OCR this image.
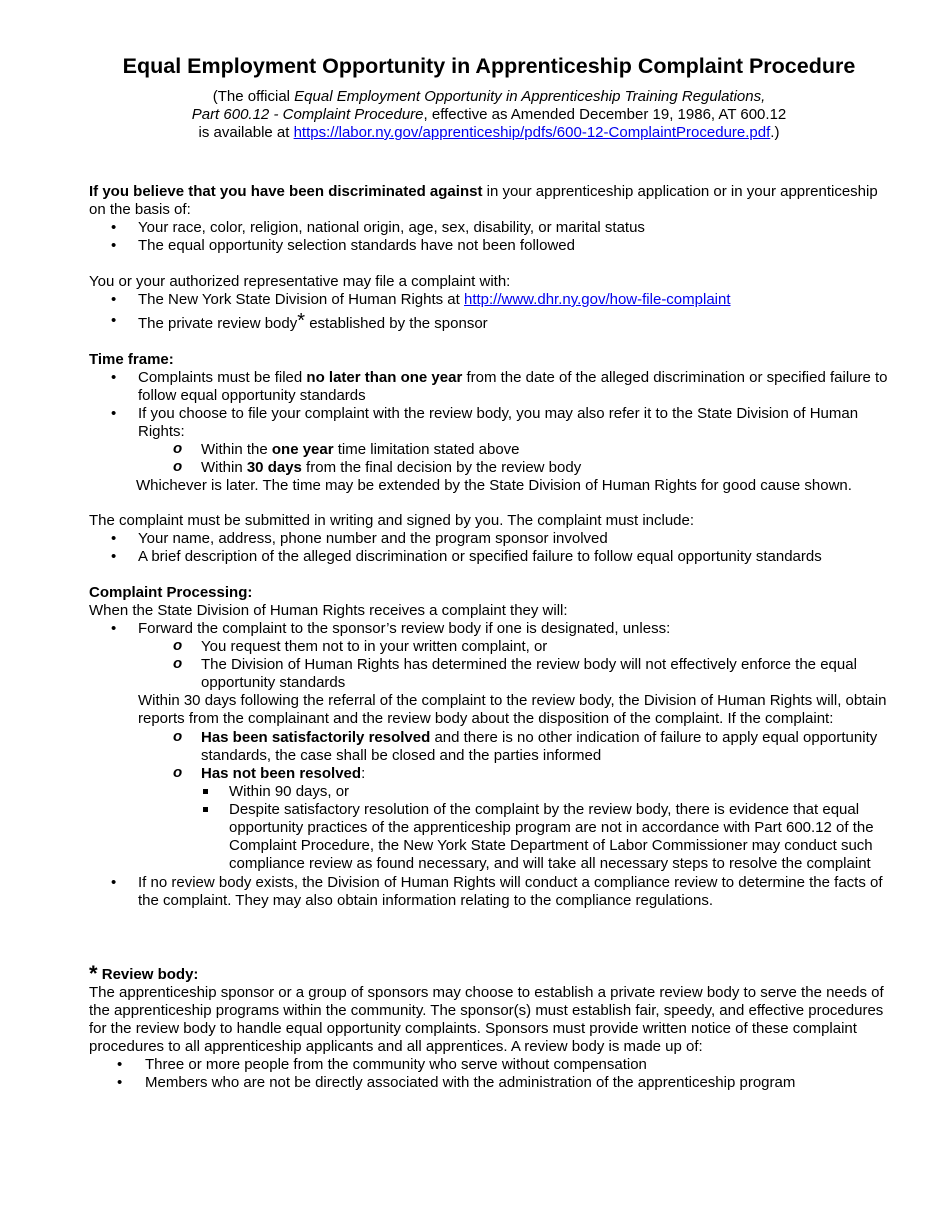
Equal Employment Opportunity in Apprenticeship Complaint Procedure

(The official Equal Employment Opportunity in Apprenticeship Training Regulations,

Part 600.12 - Complaint Procedure, effective as Amended December 19, 1986, AT 600.12

is available at https://labor.ny.gov/apprenticeship/pdfs/600-12-ComplaintProcedure.pdf.)

If you believe that you have been discriminated against in your apprenticeship application or in your apprenticeship on the basis of:

• Your race, color, religion, national origin, age, sex, disability, or marital status
• The equal opportunity selection standards have not been followed

You or your authorized representative may file a complaint with:

• The New York State Division of Human Rights at http://www.dhr.ny.gov/how-file-complaint
• The private review body* established by the sponsor

Time frame:

• Complaints must be filed no later than one year from the date of the alleged discrimination or specified failure to follow equal opportunity standards
• If you choose to file your complaint with the review body, you may also refer it to the State Division of Human Rights:
o Within the one year time limitation stated above
o Within 30 days from the final decision by the review body

Whichever is later. The time may be extended by the State Division of Human Rights for good cause shown.

The complaint must be submitted in writing and signed by you. The complaint must include:

• Your name, address, phone number and the program sponsor involved
• A brief description of the alleged discrimination or specified failure to follow equal opportunity standards

Complaint Processing:

When the State Division of Human Rights receives a complaint they will:

• Forward the complaint to the sponsor’s review body if one is designated, unless:
o You request them not to in your written complaint, or
o The Division of Human Rights has determined the review body will not effectively enforce the equal opportunity standards

Within 30 days following the referral of the complaint to the review body, the Division of Human Rights will, obtain reports from the complainant and the review body about the disposition of the complaint. If the complaint:

o Has been satisfactorily resolved and there is no other indication of failure to apply equal opportunity standards, the case shall be closed and the parties informed
o Has not been resolved:
Within 90 days, or
Despite satisfactory resolution of the complaint by the review body, there is evidence that equal opportunity practices of the apprenticeship program are not in accordance with Part 600.12 of the Complaint Procedure, the New York State Department of Labor Commissioner may conduct such compliance review as found necessary, and will take all necessary steps to resolve the complaint
• If no review body exists, the Division of Human Rights will conduct a compliance review to determine the facts of the complaint. They may also obtain information relating to the compliance regulations.

* Review body:

The apprenticeship sponsor or a group of sponsors may choose to establish a private review body to serve the needs of the apprenticeship programs within the community. The sponsor(s) must establish fair, speedy, and effective procedures for the review body to handle equal opportunity complaints. Sponsors must provide written notice of these complaint procedures to all apprenticeship applicants and all apprentices. A review body is made up of:

• Three or more people from the community who serve without compensation
• Members who are not be directly associated with the administration of the apprenticeship program
